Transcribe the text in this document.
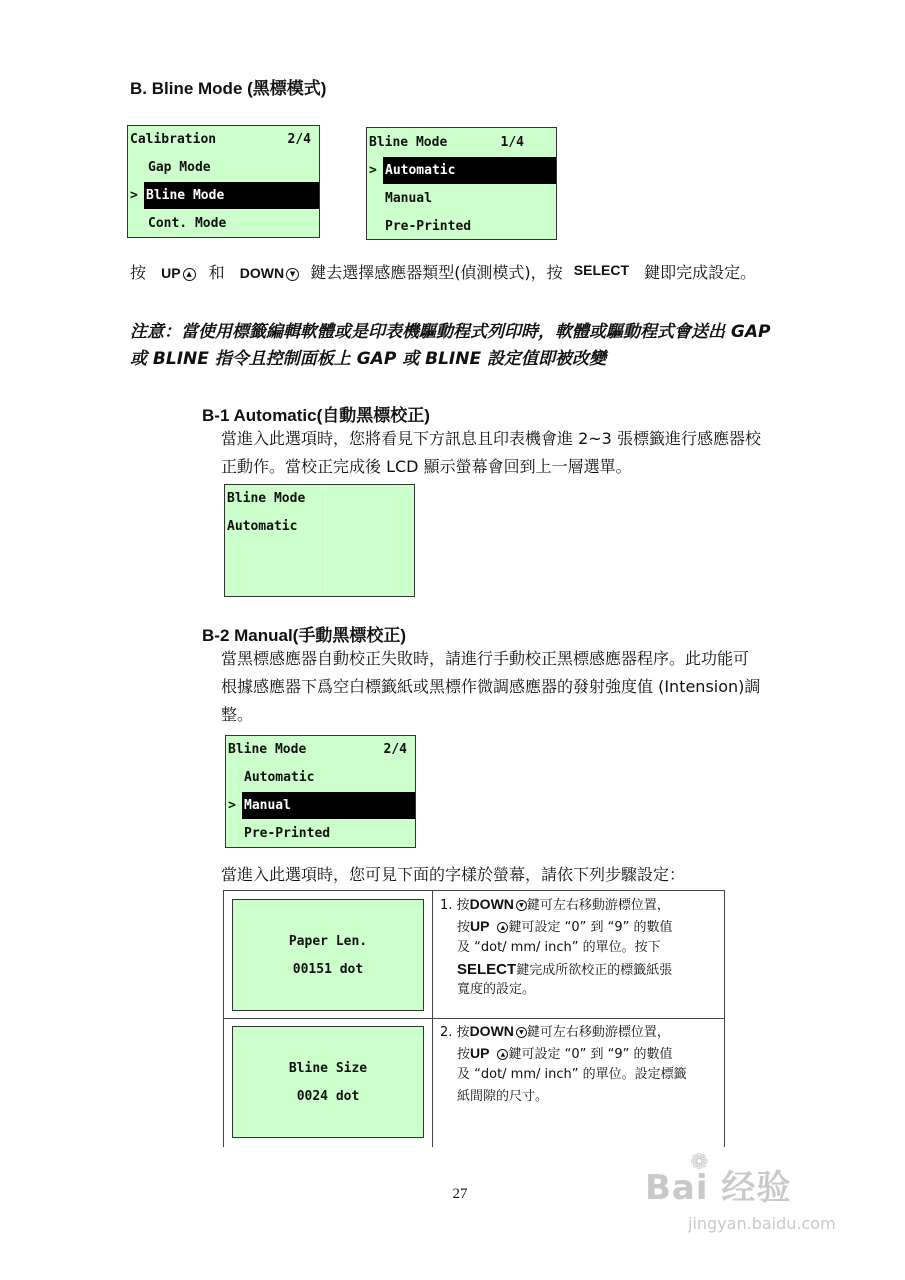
B. Bline Mode (黑標模式)
Calibration	2/4
Gap Mode
> Bline Mode
Cont. Mode
Bline Mode	1/4
> Automatic
Manual
Pre-Printed
按 UP ▲ 和 DOWN ▼ 鍵去選擇感應器類型(偵測模式)，按 SELECT 鍵即完成設定。
注意：當使用標籤編輯軟體或是印表機驅動程式列印時，軟體或驅動程式會送出 GAP
或 BLINE 指令且控制面板上 GAP 或 BLINE 設定值即被改變
B-1 Automatic(自動黑標校正)
當進入此選項時，您將看見下方訊息且印表機會進 2~3 張標籤進行感應器校
正動作。當校正完成後 LCD 顯示螢幕會回到上一層選單。
Bline Mode
Automatic
B-2 Manual(手動黑標校正)
當黑標感應器自動校正失敗時，請進行手動校正黑標感應器程序。此功能可
根據感應器下爲空白標籤紙或黑標作微調感應器的發射強度值 (Intension)調
整。
Bline Mode	2/4
Automatic
> Manual
Pre-Printed
當進入此選項時，您可見下面的字樣於螢幕，請依下列步驟設定：
Paper Len.
00151 dot
1. 按DOWN ▼ 鍵可左右移動游標位置，
按UP ▲ 鍵可設定 “0” 到 “9” 的數值
及 “dot/ mm/ inch” 的單位。按下
SELECT鍵完成所欲校正的標籤紙張
寬度的設定。
Bline Size
0024 dot
2. 按DOWN ▼ 鍵可左右移動游標位置，
按UP ▲ 鍵可設定 “0” 到 “9” 的數值
及 “dot/ mm/ inch” 的單位。設定標籤
紙間隙的尺寸。
27	Bai 经验
❁
jingyan.baidu.com
